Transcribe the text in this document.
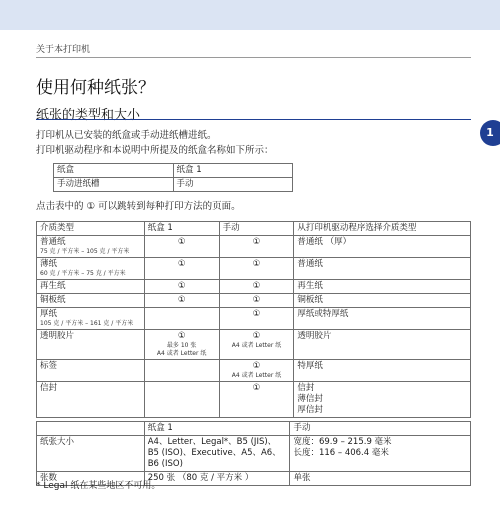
关于本打印机
使用何种纸张？
纸张的类型和大小
1
打印机从已安装的纸盒或手动进纸槽进纸。
打印机驱动程序和本说明中所提及的纸盒名称如下所示：
纸盒	纸盒 1
手动进纸槽	手动
点击表中的 ① 可以跳转到每种打印方法的页面。
介质类型	纸盒 1	手动	从打印机驱动程序选择介质类型

普通纸
75 克 / 平方米 – 105 克 / 平方米	①	①	普通纸 （厚）

薄纸
60 克 / 平方米 – 75 克 / 平方米	①	①	普通纸

再生纸	①	①	再生纸

铜板纸	①	①	铜板纸

厚纸
105 克 / 平方米 – 161 克 / 平方米		①	厚纸或特厚纸

透明胶片	①
最多 10 张
A4 或者 Letter 纸	①
A4 或者 Letter 纸	透明胶片

标签		①
A4 或者 Letter 纸	特厚纸

信封		①	信封
薄信封
厚信封
	纸盒 1	手动
纸张大小	A4、Letter、Legal*、B5 (JIS)、B5 (ISO)、Executive、A5、A6、B6 (ISO)	宽度：69.9 – 215.9 毫米
长度：116 – 406.4 毫米

张数	250 张 （80 克 / 平方米 ）	单张
* Legal 纸在某些地区不可用。
